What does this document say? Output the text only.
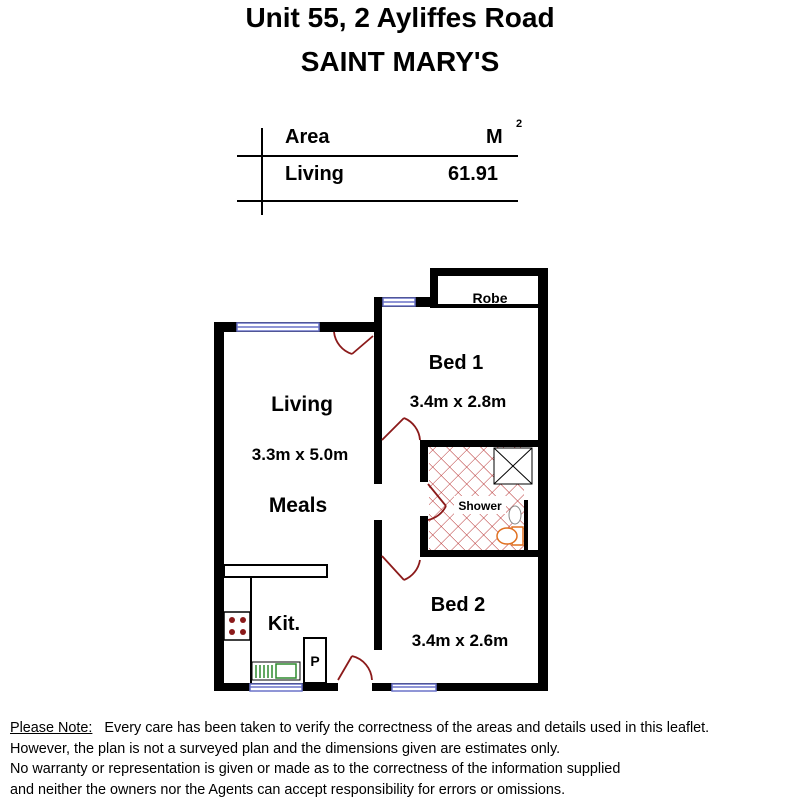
Unit 55, 2 Ayliffes Road
SAINT MARY'S
Area	M
2
Living	61.91
Robe
Bed 1
3.4m x 2.8m
Living
3.3m x 5.0m
Meals	Shower
Bed 2
3.4m x 2.6m
Kit.
P
Please Note: Every care has been taken to verify the correctness of the areas and details used in this leaflet.
However, the plan is not a surveyed plan and the dimensions given are estimates only.
No warranty or representation is given or made as to the correctness of the information supplied
and neither the owners nor the Agents can accept responsibility for errors or omissions.
